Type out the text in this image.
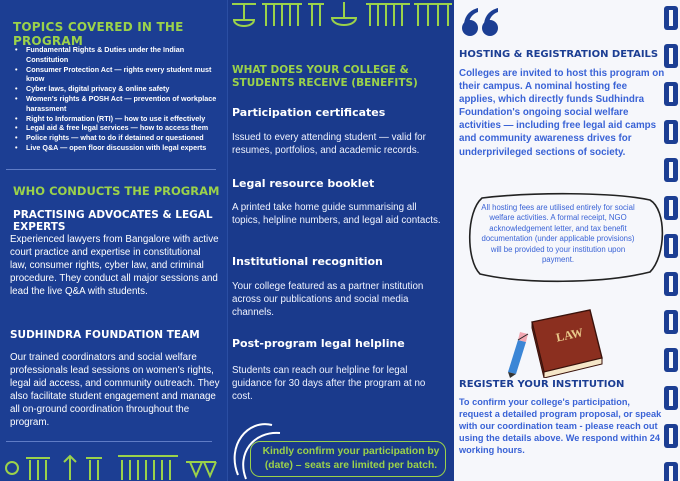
TOPICS COVERED IN THE PROGRAM
• Fundamental Rights & Duties under the Indian Constitution
• Consumer Protection Act — rights every student must know
• Cyber laws, digital privacy & online safety
• Women's rights & POSH Act — prevention of workplace harassment
• Right to Information (RTI) — how to use it effectively
• Legal aid & free legal services — how to access them
• Police rights — what to do if detained or questioned
• Live Q&A — open floor discussion with legal experts
WHO CONDUCTS THE PROGRAM
PRACTISING ADVOCATES & LEGAL EXPERTS

Experienced lawyers from Bangalore with active court practice and expertise in constitutional law, consumer rights, cyber law, and criminal procedure. They conduct all major sessions and lead the live Q&A with students.

SUDHINDRA FOUNDATION TEAM

Our trained coordinators and social welfare professionals lead sessions on women's rights, legal aid access, and community outreach. They also facilitate student engagement and manage all on-ground coordination throughout the program.

WHAT DOES YOUR COLLEGE & STUDENTS RECEIVE (BENEFITS)
Participation certificates

Issued to every attending student — valid for resumes, portfolios, and academic records.

Legal resource booklet

A printed take home guide summarising all topics, helpline numbers, and legal aid contacts.

Institutional recognition

Your college featured as a partner institution across our publications and social media channels.

Post-program legal helpline

Students can reach our helpline for legal guidance for 30 days after the program at no cost.

Kindly confirm your participation by (date) – seats are limited per batch.
HOSTING & REGISTRATION DETAILS

Colleges are invited to host this program on their campus. A nominal hosting fee applies, which directly funds Sudhindra Foundation's ongoing social welfare activities — including free legal aid camps and community awareness drives for underprivileged sections of society.

All hosting fees are utilised entirely for social welfare activities. A formal receipt, NGO acknowledgement letter, and tax benefit documentation (under applicable provisions) will be provided to your institution upon payment.
LAW
REGISTER YOUR INSTITUTION

To confirm your college's participation, request a detailed program proposal, or speak with our coordination team - please reach out using the details above. We respond within 24 working hours.
